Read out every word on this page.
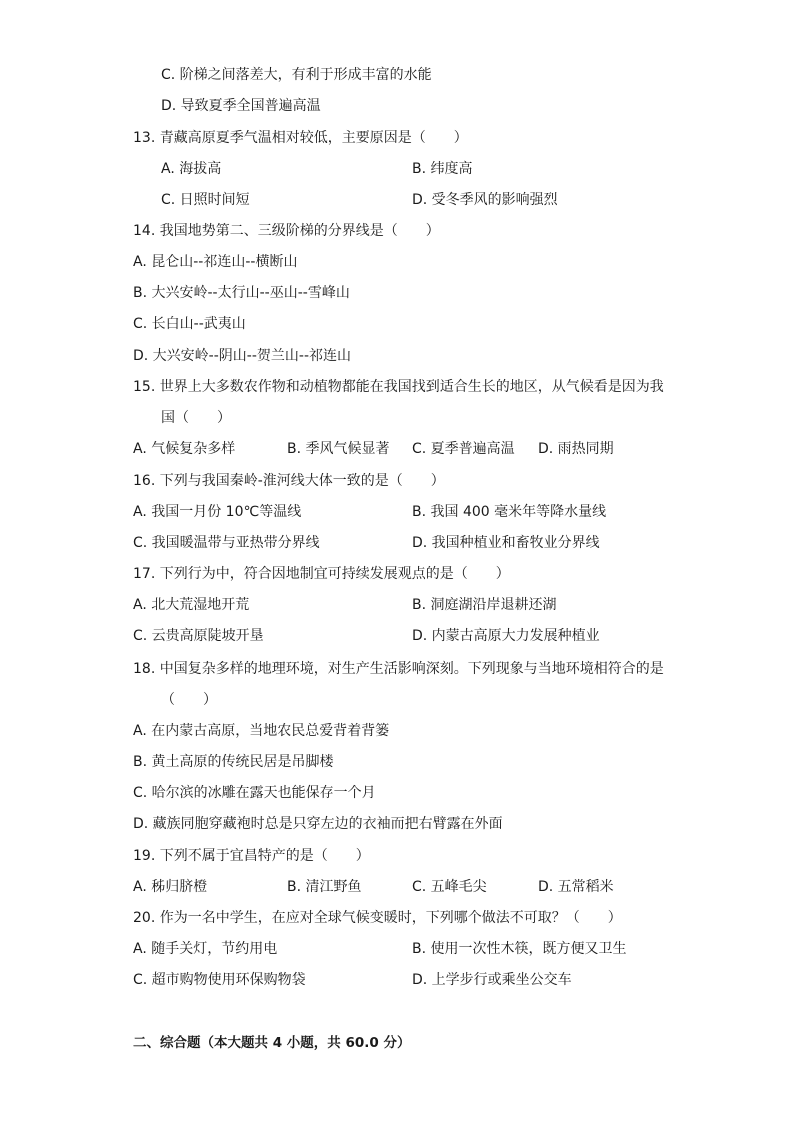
C. 阶梯之间落差大，有利于形成丰富的水能
D. 导致夏季全国普遍高温
13. 青藏高原夏季气温相对较低，主要原因是（　　）
A. 海拔高	B. 纬度高
C. 日照时间短	D. 受冬季风的影响强烈
14. 我国地势第二、三级阶梯的分界线是（　　）
A. 昆仑山--祁连山--横断山
B. 大兴安岭--太行山--巫山--雪峰山
C. 长白山--武夷山
D. 大兴安岭--阴山--贺兰山--祁连山
15. 世界上大多数农作物和动植物都能在我国找到适合生长的地区，从气候看是因为我
国（　　）
A. 气候复杂多样	B. 季风气候显著 C. 夏季普遍高温 D. 雨热同期
16. 下列与我国秦岭-淮河线大体一致的是（　　）
A. 我国一月份 10℃等温线	B. 我国 400 毫米年等降水量线
C. 我国暖温带与亚热带分界线	D. 我国种植业和畜牧业分界线
17. 下列行为中，符合因地制宜可持续发展观点的是（　　）
A. 北大荒湿地开荒	B. 洞庭湖沿岸退耕还湖
C. 云贵高原陡坡开垦	D. 内蒙古高原大力发展种植业
18. 中国复杂多样的地理环境，对生产生活影响深刻。下列现象与当地环境相符合的是
（　　）
A. 在内蒙古高原，当地农民总爱背着背篓
B. 黄土高原的传统民居是吊脚楼
C. 哈尔滨的冰雕在露天也能保存一个月
D. 藏族同胞穿藏袍时总是只穿左边的衣袖而把右臂露在外面
19. 下列不属于宜昌特产的是（　　）
A. 秭归脐橙	B. 清江野鱼	C. 五峰毛尖	D. 五常稻米
20. 作为一名中学生，在应对全球气候变暖时，下列哪个做法不可取？（　　）
A. 随手关灯，节约用电	B. 使用一次性木筷，既方便又卫生
C. 超市购物使用环保购物袋	D. 上学步行或乘坐公交车
二、综合题（本大题共 4 小题，共 60.0 分）
